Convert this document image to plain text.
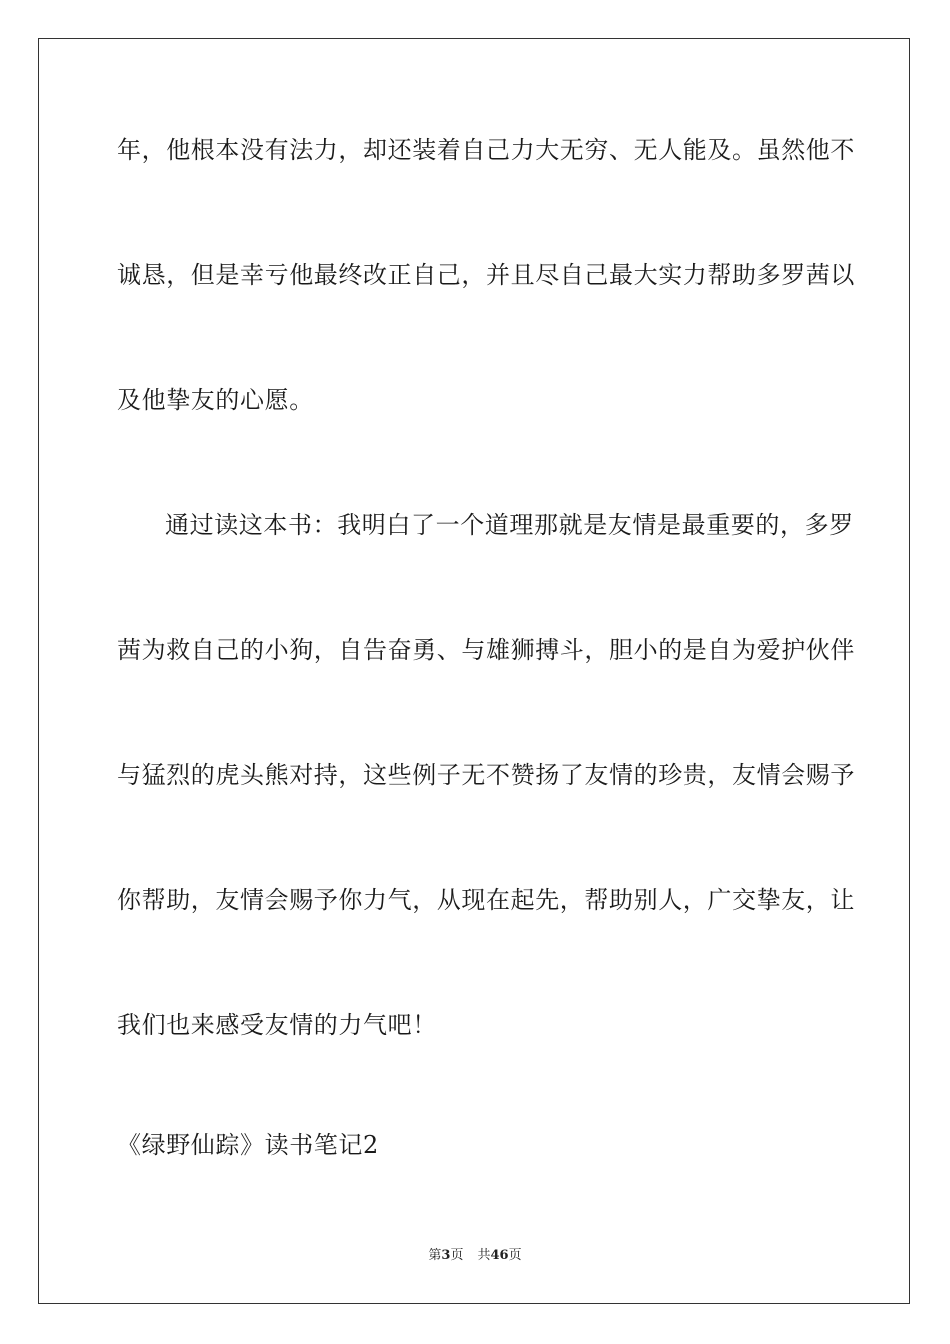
年，他根本没有法力，却还装着自己力大无穷、无人能及。虽然他不
诚恳，但是幸亏他最终改正自己，并且尽自己最大实力帮助多罗茜以
及他挚友的心愿。
通过读这本书：我明白了一个道理那就是友情是最重要的，多罗
茜为救自己的小狗，自告奋勇、与雄狮搏斗，胆小的是自为爱护伙伴
与猛烈的虎头熊对持，这些例子无不赞扬了友情的珍贵，友情会赐予
你帮助，友情会赐予你力气，从现在起先，帮助别人，广交挚友，让
我们也来感受友情的力气吧！
《绿野仙踪》读书笔记2
第3页 共46页
